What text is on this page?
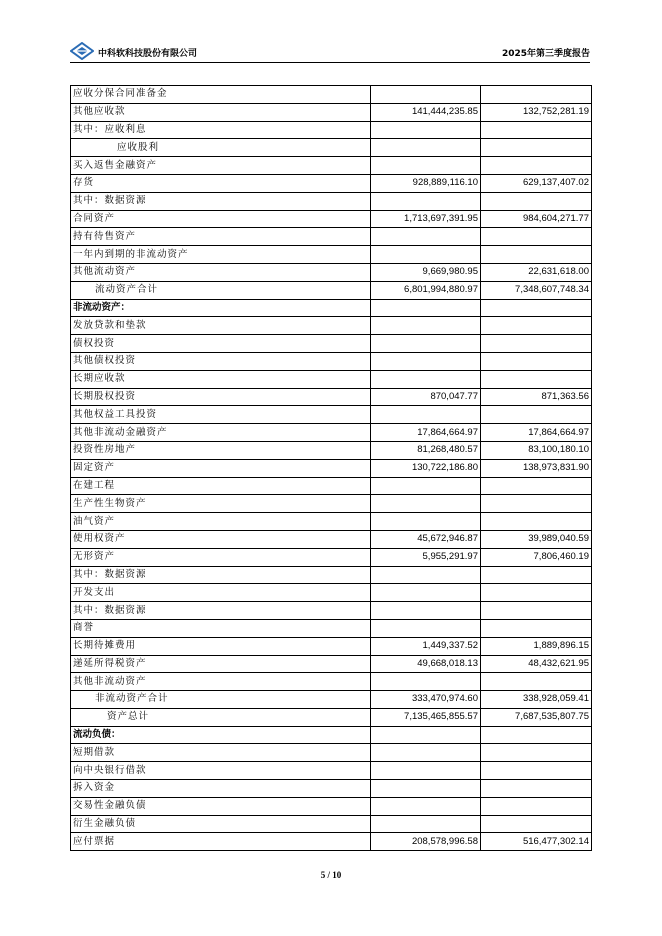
中科软科技股份有限公司	2025年第三季度报告
应收分保合同准备金		
其他应收款	141,444,235.85	132,752,281.19
其中：应收利息		
应收股利		
买入返售金融资产		
存货	928,889,116.10	629,137,407.02
其中：数据资源		
合同资产	1,713,697,391.95	984,604,271.77
持有待售资产		
一年内到期的非流动资产		
其他流动资产	9,669,980.95	22,631,618.00
流动资产合计	6,801,994,880.97	7,348,607,748.34
非流动资产：		
发放贷款和垫款		
债权投资		
其他债权投资		
长期应收款		
长期股权投资	870,047.77	871,363.56
其他权益工具投资		
其他非流动金融资产	17,864,664.97	17,864,664.97
投资性房地产	81,268,480.57	83,100,180.10
固定资产	130,722,186.80	138,973,831.90
在建工程		
生产性生物资产		
油气资产		
使用权资产	45,672,946.87	39,989,040.59
无形资产	5,955,291.97	7,806,460.19
其中：数据资源		
开发支出		
其中：数据资源		
商誉		
长期待摊费用	1,449,337.52	1,889,896.15
递延所得税资产	49,668,018.13	48,432,621.95
其他非流动资产		
非流动资产合计	333,470,974.60	338,928,059.41
资产总计	7,135,465,855.57	7,687,535,807.75
流动负债：		
短期借款		
向中央银行借款		
拆入资金		
交易性金融负债		
衍生金融负债		
应付票据	208,578,996.58	516,477,302.14
5 / 10
